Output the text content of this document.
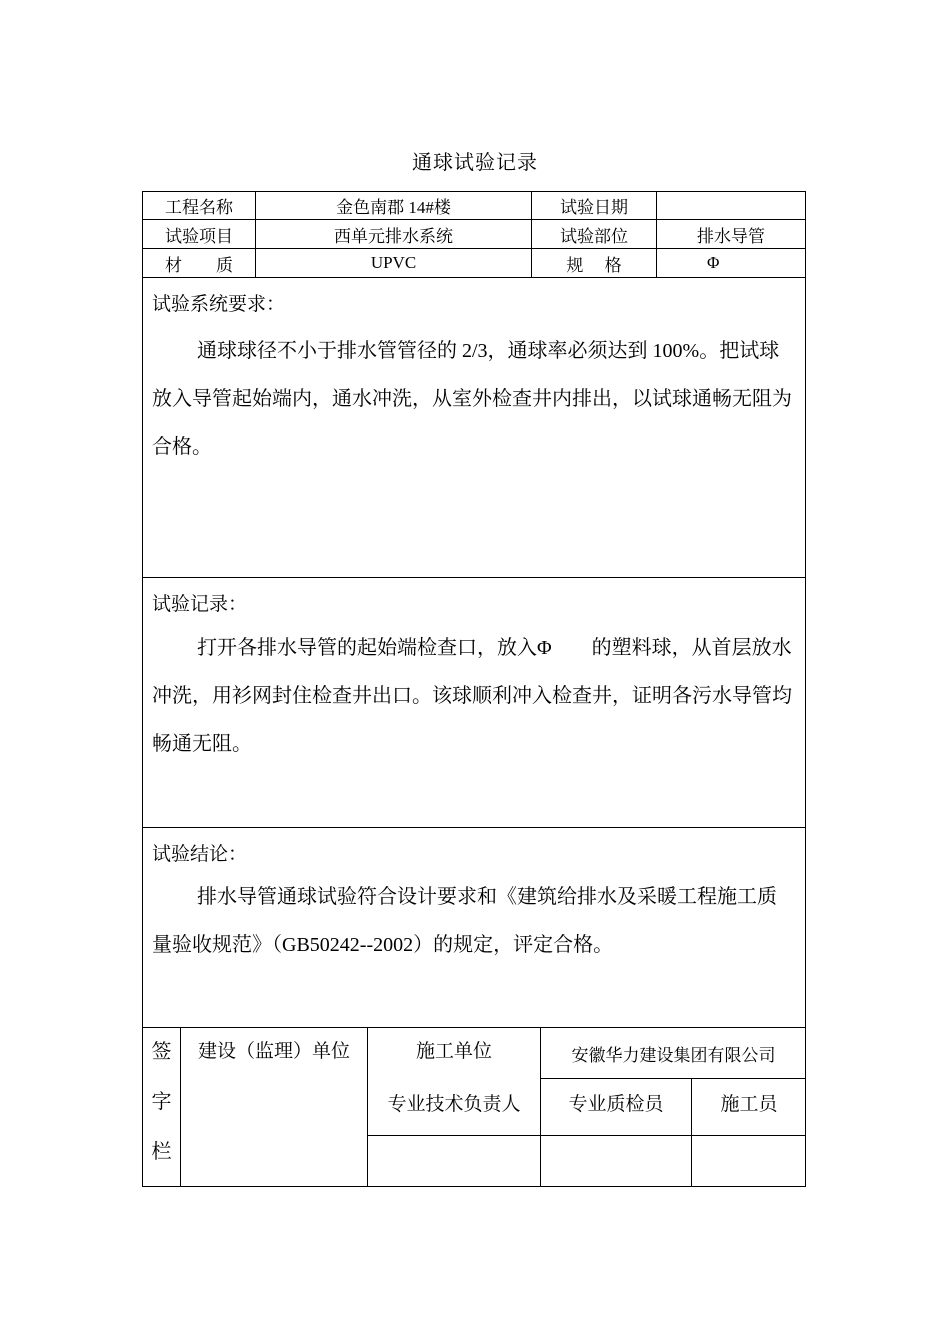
通球试验记录
工程名称	金色南郡 14#楼	试验日期
试验项目	西单元排水系统	试验部位	排水导管
材　　质	UPVC	规　 格	Φ
试验系统要求：

通球球径不小于排水管管径的 2/3，通球率必须达到 100%。把试球放入导管起始端内，通水冲洗，从室外检查井内排出，以试球通畅无阻为合格。

试验记录：

打开各排水导管的起始端检查口，放入Φ　　的塑料球，从首层放水冲洗，用衫网封住检查井出口。该球顺利冲入检查井，证明各污水导管均畅通无阻。

试验结论：

排水导管通球试验符合设计要求和《建筑给排水及采暖工程施工质量验收规范》（GB50242--2002）的规定，评定合格。

签
字
栏
建设（监理）单位	施工单位	安徽华力建设集团有限公司
专业技术负责人	专业质检员	施工员
